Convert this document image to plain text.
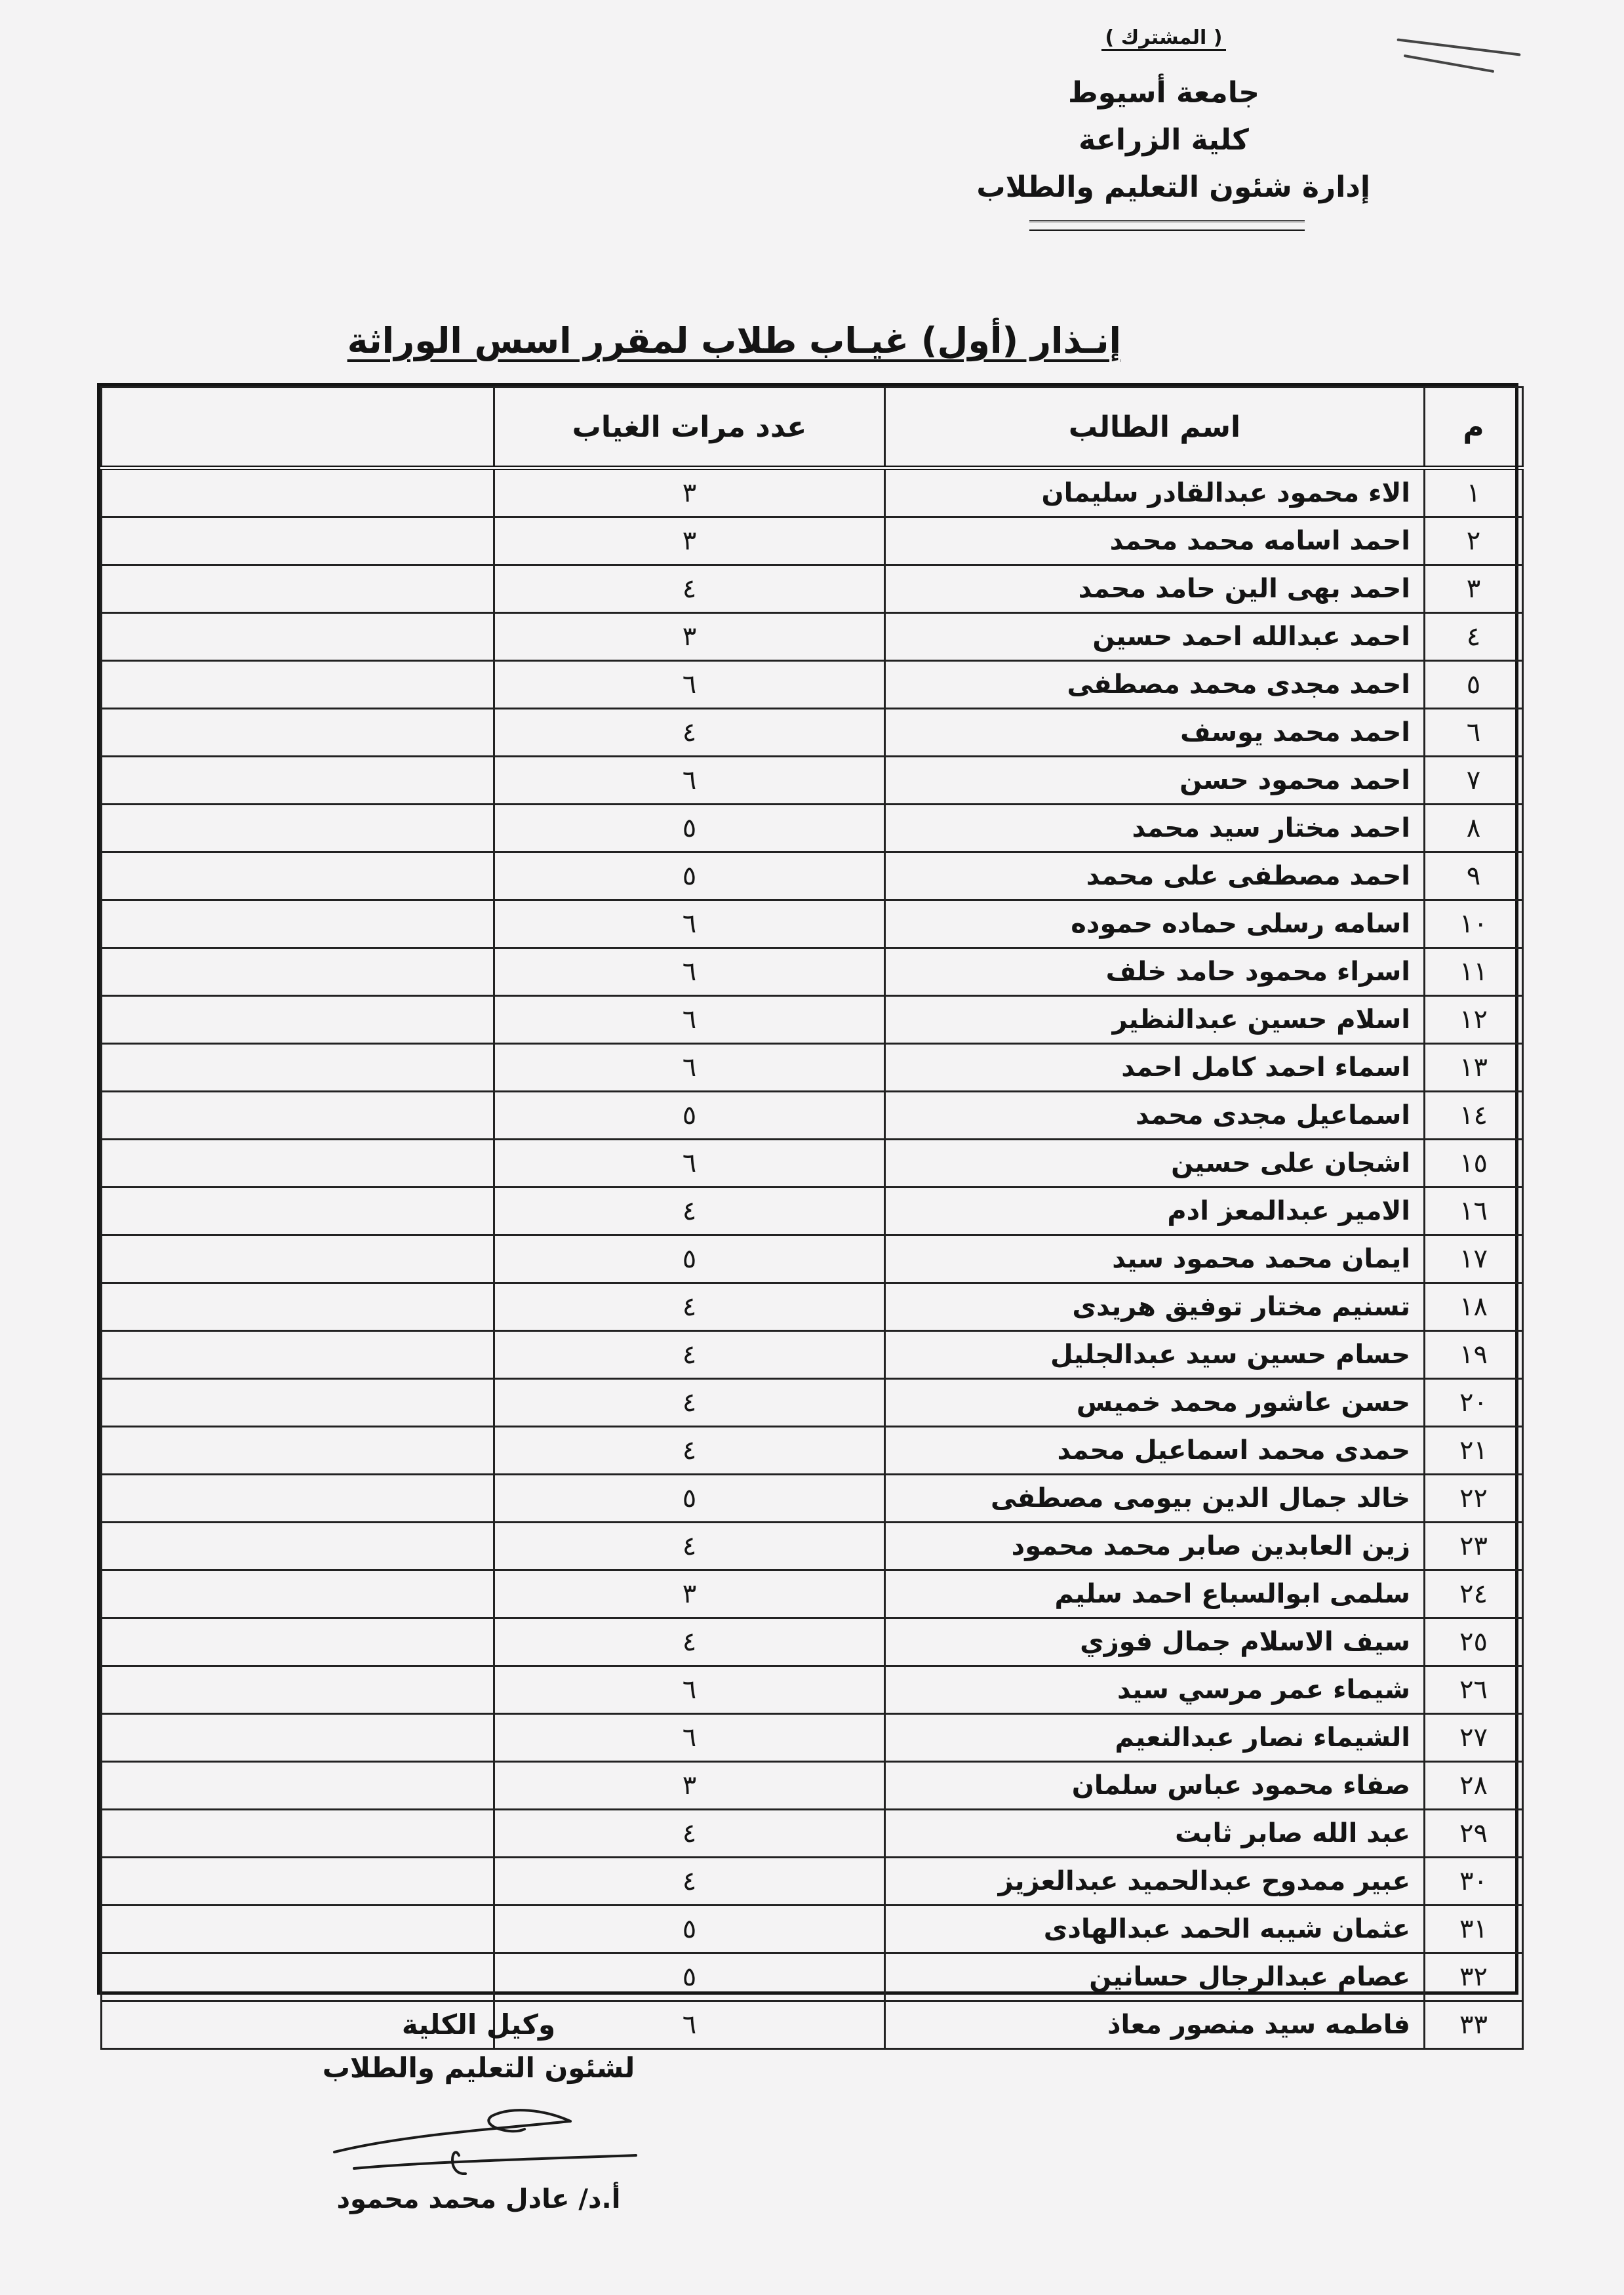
( المشترك )
جامعة أسيوط
كلية الزراعة
إدارة شئون التعليم والطلاب
إنـذار (أول) غيـاب طلاب لمقرر اسس الوراثة
م	اسم الطالب	عدد مرات الغياب	
١	الاء محمود عبدالقادر سليمان	٣	
٢	احمد اسامه محمد محمد	٣	
٣	احمد بهى الين حامد محمد	٤	
٤	احمد عبدالله احمد حسين	٣	
٥	احمد مجدى محمد مصطفى	٦	
٦	احمد محمد يوسف	٤	
٧	احمد محمود حسن	٦	
٨	احمد مختار سيد محمد	٥	
٩	احمد مصطفى على محمد	٥	
١٠	اسامه رسلى حماده حموده	٦	
١١	اسراء محمود حامد خلف	٦	
١٢	اسلام حسين عبدالنظير	٦	
١٣	اسماء احمد كامل احمد	٦	
١٤	اسماعيل مجدى محمد	٥	
١٥	اشجان على حسين	٦	
١٦	الامير عبدالمعز ادم	٤	
١٧	ايمان محمد محمود سيد	٥	
١٨	تسنيم مختار توفيق هريدى	٤	
١٩	حسام حسين سيد عبدالجليل	٤	
٢٠	حسن عاشور محمد خميس	٤	
٢١	حمدى محمد اسماعيل محمد	٤	
٢٢	خالد جمال الدين بيومى مصطفى	٥	
٢٣	زين العابدين صابر محمد محمود	٤	
٢٤	سلمى ابوالسباع احمد سليم	٣	
٢٥	سيف الاسلام جمال فوزي	٤	
٢٦	شيماء عمر مرسي سيد	٦	
٢٧	الشيماء نصار عبدالنعيم	٦	
٢٨	صفاء محمود عباس سلمان	٣	
٢٩	عبد الله صابر ثابت	٤	
٣٠	عبير ممدوح عبدالحميد عبدالعزيز	٤	
٣١	عثمان شيبه الحمد عبدالهادى	٥	
٣٢	عصام عبدالرجال حسانين	٥	
٣٣	فاطمه سيد منصور معاذ	٦	
وكيل الكلية
لشئون التعليم والطلاب
أ.د/ عادل محمد محمود
